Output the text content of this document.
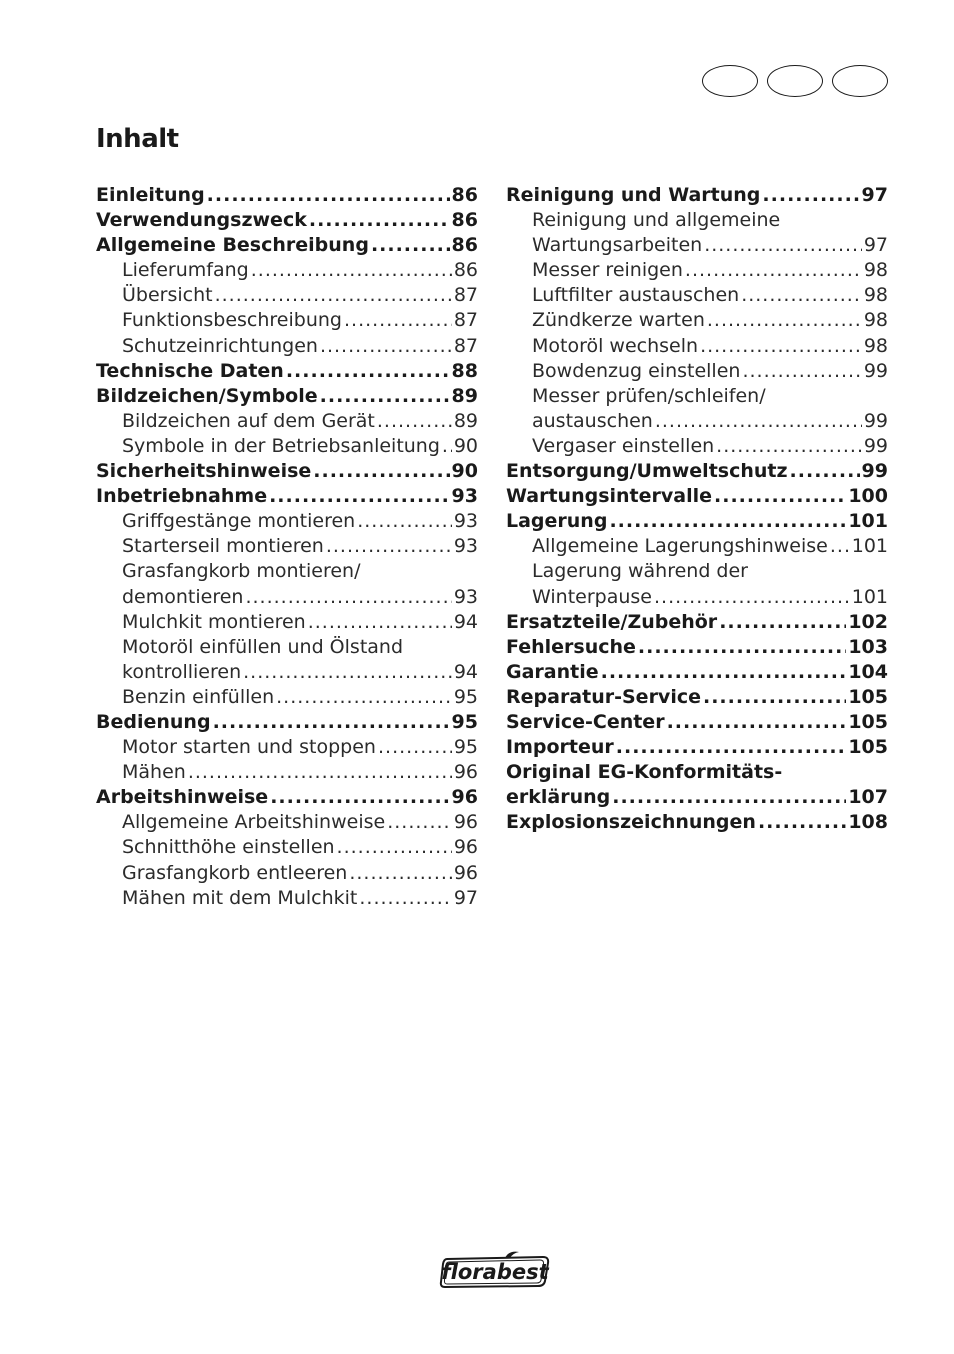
Inhalt
Einleitung .....	86
Verwendungszweck .....	86
Allgemeine Beschreibung .....	86
Lieferumfang .....	86
Übersicht .....	87
Funktionsbeschreibung .....	87
Schutzeinrichtungen .....	87
Technische Daten .....	88
Bildzeichen/Symbole .....	89
Bildzeichen auf dem Gerät .....	89
Symbole in der Betriebsanleitung ..... 90
Sicherheitshinweise .....	90
Inbetriebnahme .....	93
Griffgestänge montieren .....	93
Starterseil montieren .....	93
Grasfangkorb montieren/
demontieren .....	93
Mulchkit montieren .....	94
Motoröl einfüllen und Ölstand
kontrollieren .....	94
Benzin einfüllen .....	95
Bedienung .....	95
Motor starten und stoppen .....	95
Mähen .....	96
Arbeitshinweise .....	96
Allgemeine Arbeitshinweise .....	96
Schnitthöhe einstellen .....	96
Grasfangkorb entleeren .....	96
Mähen mit dem Mulchkit .....	97
Reinigung und Wartung .....	97
Reinigung und allgemeine
Wartungsarbeiten .....	97
Messer reinigen .....	98
Luftfilter austauschen .....	98
Zündkerze warten .....	98
Motoröl wechseln .....	98
Bowdenzug einstellen .....	99
Messer prüfen/schleifen/
austauschen .....	99
Vergaser einstellen .....	99
Entsorgung/Umweltschutz .....	99
Wartungsintervalle .....	100
Lagerung .....	101
Allgemeine Lagerungshinweise ..... 101
Lagerung während der
Winterpause .....	101
Ersatzteile/Zubehör .....	102
Fehlersuche .....	103
Garantie .....	104
Reparatur-Service .....	105
Service-Center .....	105
Importeur .....	105
Original EG-Konformitäts-
erklärung .....	107
Explosionszeichnungen .....	108
florabest
